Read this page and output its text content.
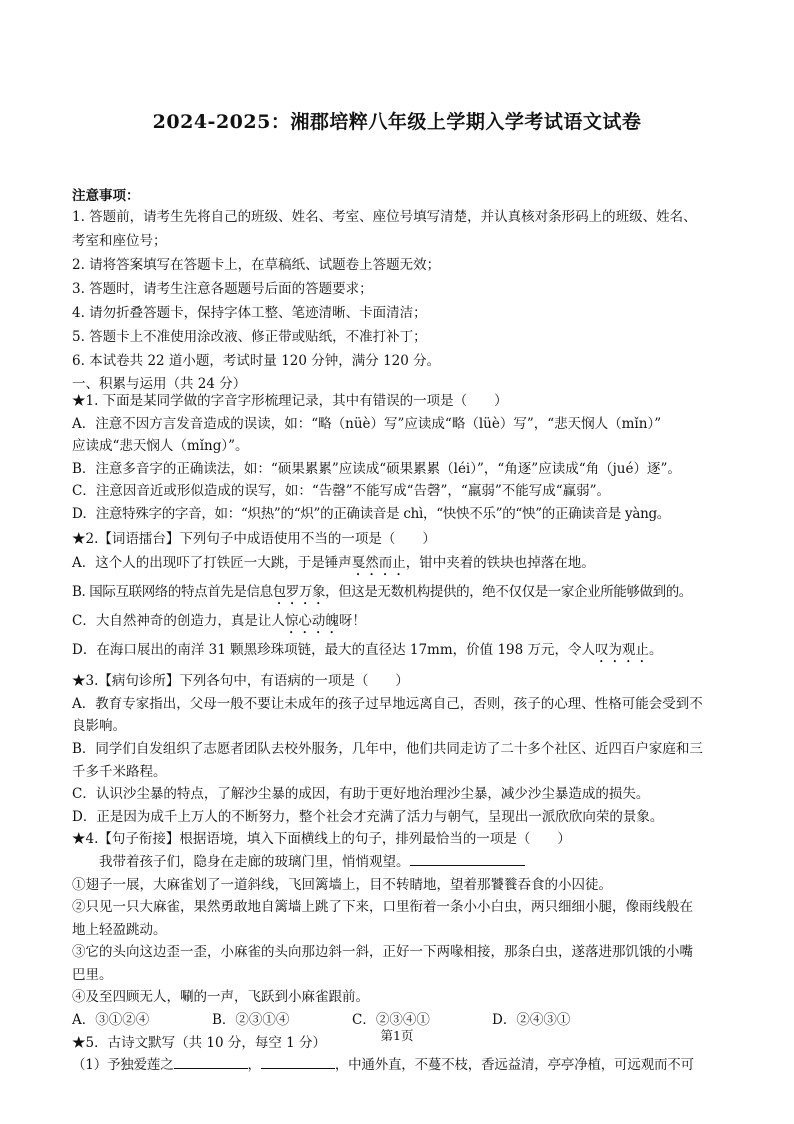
2024-2025：湘郡培粹八年级上学期入学考试语文试卷
注意事项：
1. 答题前，请考生先将自己的班级、姓名、考室、座位号填写清楚，并认真核对条形码上的班级、姓名、
考室和座位号；
2. 请将答案填写在答题卡上，在草稿纸、试题卷上答题无效；
3. 答题时，请考生注意各题题号后面的答题要求；
4. 请勿折叠答题卡，保持字体工整、笔迹清晰、卡面清洁；
5. 答题卡上不准使用涂改液、修正带或贴纸，不准打补丁；
6. 本试卷共 22 道小题，考试时量 120 分钟，满分 120 分。
一、积累与运用（共 24 分）
★1. 下面是某同学做的字音字形梳理记录，其中有错误的一项是（　　）
A．注意不因方言发音造成的误读，如：“略（nüè）写”应读成“略（lüè）写”，“悲天悯人（mǐn）”
应读成“悲天悯人（mǐng）”。
B．注意多音字的正确读法，如：“硕果累累”应读成“硕果累累（léi）”，“角逐”应读成“角（jué）逐”。
C．注意因音近或形似造成的误写，如：“告罄”不能写成“告磬”，“羸弱”不能写成“赢弱”。
D．注意特殊字的字音，如：“炽热”的“炽”的正确读音是 chì，“快怏不乐”的“怏”的正确读音是 yàng。
★2.【词语擂台】下列句子中成语使用不当的一项是（　　）
A．这个人的出现吓了打铁匠一大跳，于是锤声戛然而止，钳中夹着的铁块也掉落在地。
B. 国际互联网络的特点首先是信息包罗万象，但这是无数机构提供的，绝不仅仅是一家企业所能够做到的。
C．大自然神奇的创造力，真是让人惊心动魄呀！
D．在海口展出的南洋 31 颗黑珍珠项链，最大的直径达 17mm，价值 198 万元，令人叹为观止。
★3.【病句诊所】下列各句中，有语病的一项是（　　）
A．教育专家指出，父母一般不要让未成年的孩子过早地远离自己，否则，孩子的心理、性格可能会受到不
良影响。
B．同学们自发组织了志愿者团队去校外服务，几年中，他们共同走访了二十多个社区、近四百户家庭和三
千多千米路程。
C．认识沙尘暴的特点，了解沙尘暴的成因，有助于更好地治理沙尘暴，减少沙尘暴造成的损失。
D．正是因为成千上万人的不断努力，整个社会才充满了活力与朝气，呈现出一派欣欣向荣的景象。
★4.【句子衔接】根据语境，填入下面横线上的句子，排列最恰当的一项是（　　）
我带着孩子们，隐身在走廊的玻璃门里，悄悄观望。
①翅子一展，大麻雀划了一道斜线，飞回篱墙上，目不转睛地，望着那饕餮吞食的小囚徒。
②只见一只大麻雀，果然勇敢地自篱墙上跳了下来，口里衔着一条小小白虫，两只细细小腿，像雨线般在
地上轻盈跳动。
③它的头向这边歪一歪，小麻雀的头向那边斜一斜，正好一下两喙相接，那条白虫，遂落进那饥饿的小嘴
巴里。
④及至四顾无人，唰的一声，飞跃到小麻雀跟前。
A．③①②④	B．②③①④	C．②③④①	D．②④③①
★5．古诗文默写（共 10 分，每空 1 分）
（1）予独爱莲之	，	，中通外直，不蔓不枝，香远益清，亭亭净植，可远观而不可
第1页
